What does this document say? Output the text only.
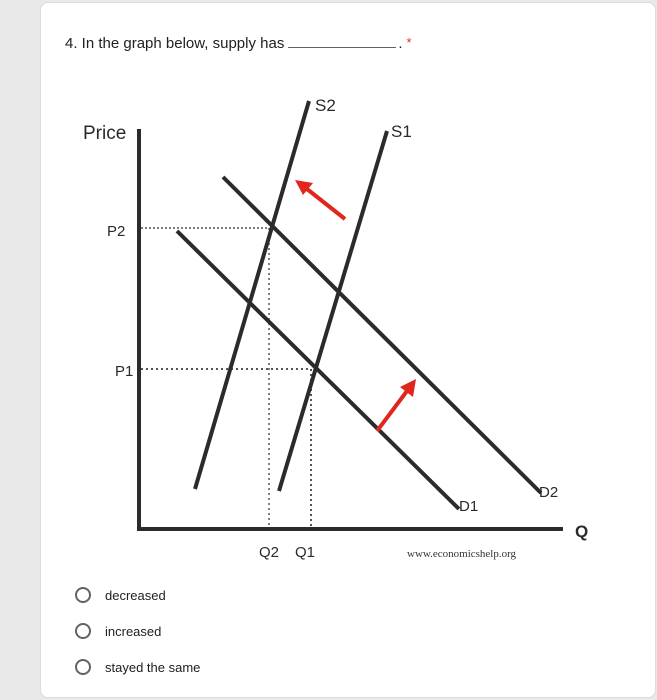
4. In the graph below, supply has	. *
Price
P2
P1
S2
S1
D1
D2
Q2 Q1
Q
www.economicshelp.org
decreased
increased
stayed the same
